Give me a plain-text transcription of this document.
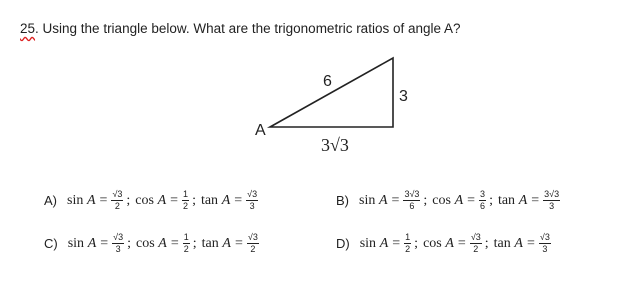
25. Using the triangle below. What are the trigonometric ratios of angle A?
A
6
3
3√3
A) sin
$A = \frac{√3}{2}$ ; cos
$A = \frac{1}{2}$ ; tan
$A = \frac{√3}{3}$	B) sin
$A = \frac{3√3}{6}$ ; cos
$A = \frac{3}{6}$ ; tan
$A = \frac{3√3}{3}$
C) sin
$A = \frac{√3}{3}$ ; cos
$A = \frac{1}{2}$ ; tan
$A = \frac{√3}{2}$	D) sin
$A = \frac{1}{2}$ ; cos
$A = \frac{√3}{2}$ ; tan
$A = \frac{√3}{3}$
